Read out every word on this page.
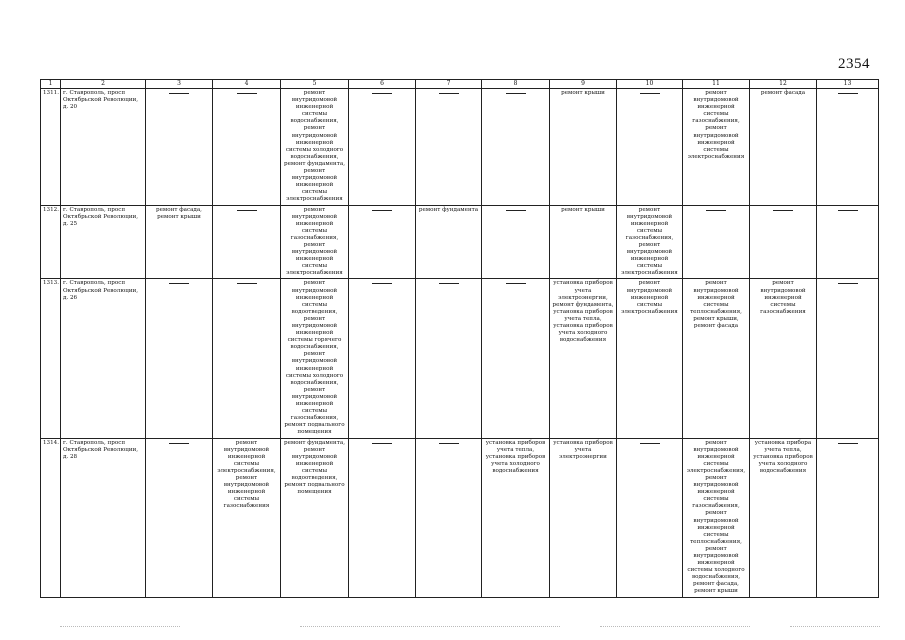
2354
1	2	3	4	5	6	7	8	9	10	11	12	13
1311.	г. Ставрополь, просп Октябрьской Революции, д. 20			ремонт внутридомовой инженерной системы водоснабжения, ремонт внутридомовой инженерной системы холодного водоснабжения, ремонт фундамента, ремонт внутридомовой инженерной системы электроснабжения				ремонт крыши		ремонт внутридомовой инженерной системы газоснабжения, ремонт внутридомовой инженерной системы электроснабжения	ремонт фасада	

1312.	г. Ставрополь, просп Октябрьской Революции, д. 25	ремонт фасада, ремонт крыши		ремонт внутридомовой инженерной системы газоснабжения, ремонт внутридомовой инженерной системы электроснабжения		ремонт фундамента		ремонт крыши	ремонт внутридомовой инженерной системы газоснабжения, ремонт внутридомовой инженерной системы электроснабжения	

1313.	г. Ставрополь, просп Октябрьской Революции, д. 26			ремонт внутридомовой инженерной системы водоотведения, ремонт внутридомовой инженерной системы горячего водоснабжения, ремонт внутридомовой инженерной системы холодного водоснабжения, ремонт внутридомовой инженерной системы газоснабжения, ремонт подвального помещения				установка приборов учета электроэнергии, ремонт фундамента, установка приборов учета тепла, установка приборов учета холодного водоснабжения	ремонт внутридомовой инженерной системы электроснабжения	ремонт внутридомовой инженерной системы теплоснабжения, ремонт крыши, ремонт фасада	ремонт внутридомовой инженерной системы газоснабжения	

1314.	г. Ставрополь, просп Октябрьской Революции, д. 28		ремонт внутридомовой инженерной системы электроснабжения, ремонт внутридомовой инженерной системы газоснабжения	ремонт фундамента, ремонт внутридомовой инженерной системы водоотведения, ремонт подвального помещения			установка приборов учета тепла, установка приборов учета холодного водоснабжения	установка приборов учета электроэнергии		ремонт внутридомовой инженерной системы электроснабжения, ремонт внутридомовой инженерной системы газоснабжения, ремонт внутридомовой инженерной системы теплоснабжения, ремонт внутридомовой инженерной системы холодного водоснабжения, ремонт фасада, ремонт крыши	установка прибора учета тепла, установка приборов учета холодного водоснабжения	
